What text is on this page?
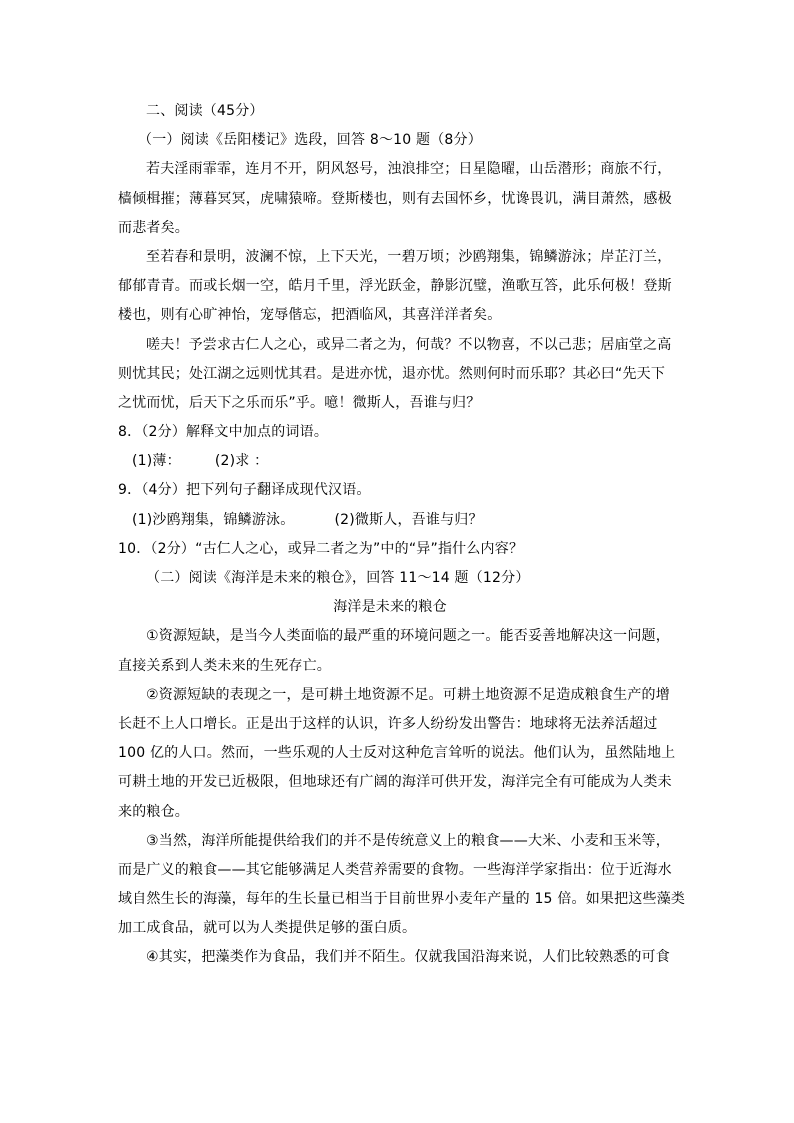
二、阅读（45分）
（一）阅读《岳阳楼记》选段，回答 8～10 题（8分）
若夫淫雨霏霏，连月不开，阴风怒号，浊浪排空；日星隐曜，山岳潜形；商旅不行，
樯倾楫摧；薄暮冥冥，虎啸猿啼。登斯楼也，则有去国怀乡，忧谗畏讥，满目萧然，感极
而悲者矣。
至若春和景明，波澜不惊，上下天光，一碧万顷；沙鸥翔集，锦鳞游泳；岸芷汀兰，
郁郁青青。而或长烟一空，皓月千里，浮光跃金，静影沉璧，渔歌互答，此乐何极！登斯
楼也，则有心旷神怡，宠辱偕忘，把酒临风，其喜洋洋者矣。
嗟夫！予尝求古仁人之心，或异二者之为，何哉？不以物喜，不以己悲；居庙堂之高
则忧其民；处江湖之远则忧其君。是进亦忧，退亦忧。然则何时而乐耶？其必曰“先天下
之忧而忧，后天下之乐而乐”乎。噫！微斯人，吾谁与归？
8．（2分）解释文中加点的词语。
(1)薄： (2)求 ：
9．（4分）把下列句子翻译成现代汉语。
(1)沙鸥翔集，锦鳞游泳。	(2)微斯人，吾谁与归？
10．（2分）“古仁人之心，或异二者之为”中的“异”指什么内容？
（二）阅读《海洋是未来的粮仓》，回答 11～14 题（12分）
海洋是未来的粮仓
①资源短缺，是当今人类面临的最严重的环境问题之一。能否妥善地解决这一问题，
直接关系到人类未来的生死存亡。
②资源短缺的表现之一，是可耕土地资源不足。可耕土地资源不足造成粮食生产的增
长赶不上人口增长。正是出于这样的认识，许多人纷纷发出警告：地球将无法养活超过
100 亿的人口。然而，一些乐观的人士反对这种危言耸听的说法。他们认为，虽然陆地上
可耕土地的开发已近极限，但地球还有广阔的海洋可供开发，海洋完全有可能成为人类未
来的粮仓。
③当然，海洋所能提供给我们的并不是传统意义上的粮食——大米、小麦和玉米等，
而是广义的粮食——其它能够满足人类营养需要的食物。一些海洋学家指出：位于近海水
域自然生长的海藻，每年的生长量已相当于目前世界小麦年产量的 15 倍。如果把这些藻类
加工成食品，就可以为人类提供足够的蛋白质。
④其实，把藻类作为食品，我们并不陌生。仅就我国沿海来说，人们比较熟悉的可食
